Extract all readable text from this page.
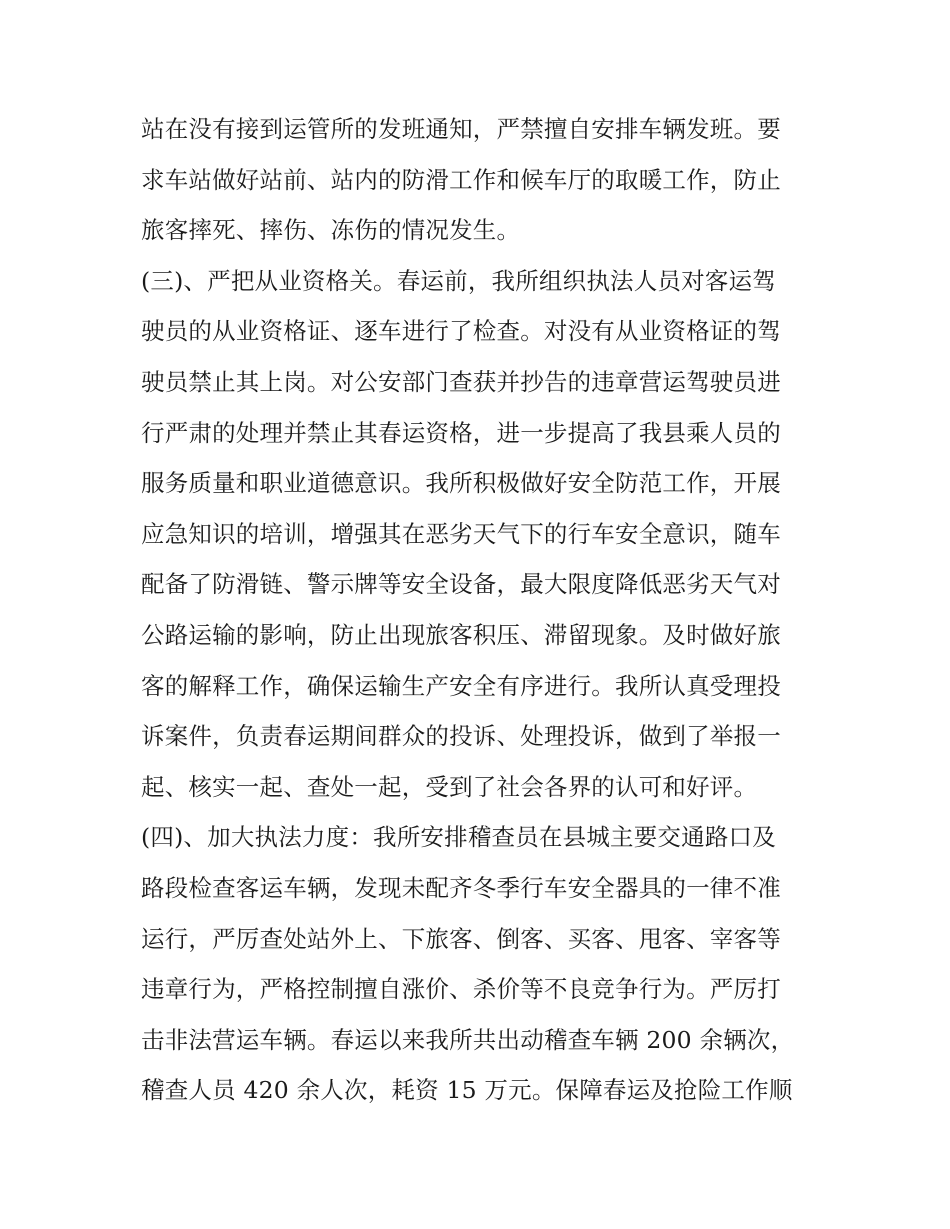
站在没有接到运管所的发班通知，严禁擅自安排车辆发班。要
求车站做好站前、站内的防滑工作和候车厅的取暖工作，防止
旅客摔死、摔伤、冻伤的情况发生。
(三)、严把从业资格关。春运前，我所组织执法人员对客运驾
驶员的从业资格证、逐车进行了检查。对没有从业资格证的驾
驶员禁止其上岗。对公安部门查获并抄告的违章营运驾驶员进
行严肃的处理并禁止其春运资格，进一步提高了我县乘人员的
服务质量和职业道德意识。我所积极做好安全防范工作，开展
应急知识的培训，增强其在恶劣天气下的行车安全意识，随车
配备了防滑链、警示牌等安全设备，最大限度降低恶劣天气对
公路运输的影响，防止出现旅客积压、滞留现象。及时做好旅
客的解释工作，确保运输生产安全有序进行。我所认真受理投
诉案件，负责春运期间群众的投诉、处理投诉，做到了举报一
起、核实一起、查处一起，受到了社会各界的认可和好评。
(四)、加大执法力度：我所安排稽查员在县城主要交通路口及
路段检查客运车辆，发现未配齐冬季行车安全器具的一律不准
运行，严厉查处站外上、下旅客、倒客、买客、甩客、宰客等
违章行为，严格控制擅自涨价、杀价等不良竞争行为。严厉打
击非法营运车辆。春运以来我所共出动稽查车辆 200 余辆次，
稽查人员 420 余人次，耗资 15 万元。保障春运及抢险工作顺
